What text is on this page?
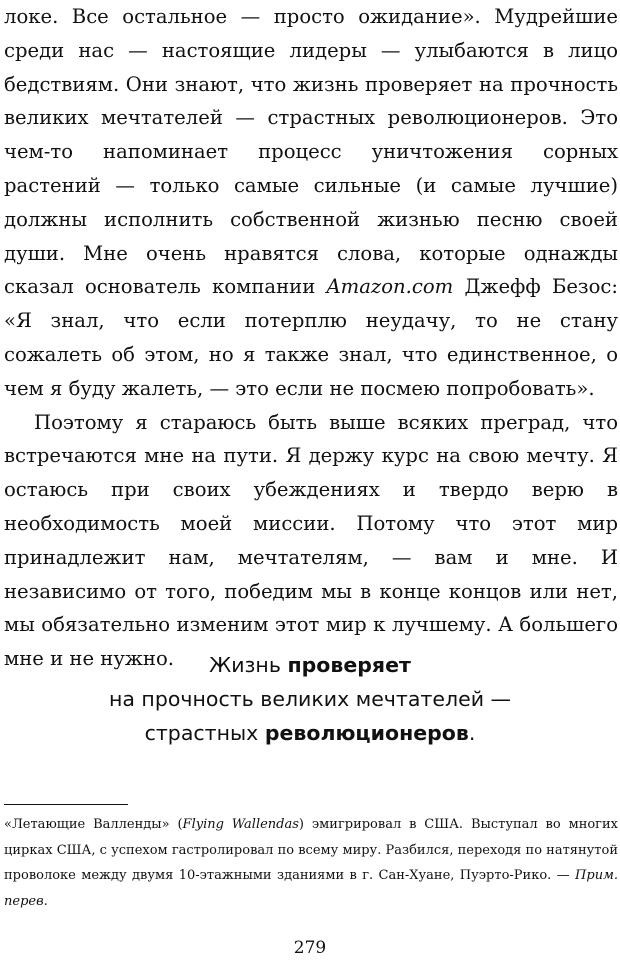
локе. Все остальное — просто ожидание». Мудрейшие среди нас — настоящие лидеры — улыбаются в лицо бедствиям. Они знают, что жизнь проверяет на прочность великих мечтателей — страстных революционеров. Это чем-то напоминает процесс уничтожения сорных растений — только самые сильные (и самые лучшие) должны исполнить собственной жизнью песню своей души. Мне очень нравятся слова, которые однажды сказал основатель компании Amazon.com Джефф Безос: «Я знал, что если потерплю неудачу, то не стану сожалеть об этом, но я также знал, что единственное, о чем я буду жалеть, — это если не посмею попробовать».

Поэтому я стараюсь быть выше всяких преград, что встречаются мне на пути. Я держу курс на свою мечту. Я остаюсь при своих убеждениях и твердо верю в необходимость моей миссии. Потому что этот мир принадлежит нам, мечтателям, — вам и мне. И независимо от того, победим мы в конце концов или нет, мы обязательно изменим этот мир к лучшему. А большего мне и не нужно.	Жизнь проверяет
на прочность великих мечтателей —
страстных революционеров.

«Летающие Валленды» (Flying Wallendas) эмигрировал в США. Выступал во многих цирках США, с успехом гастролировал по всему миру. Разбился, переходя по натянутой проволоке между двумя 10-этажными зданиями в г. Сан-Хуане, Пуэрто-Рико. — Прим. перев.

279
